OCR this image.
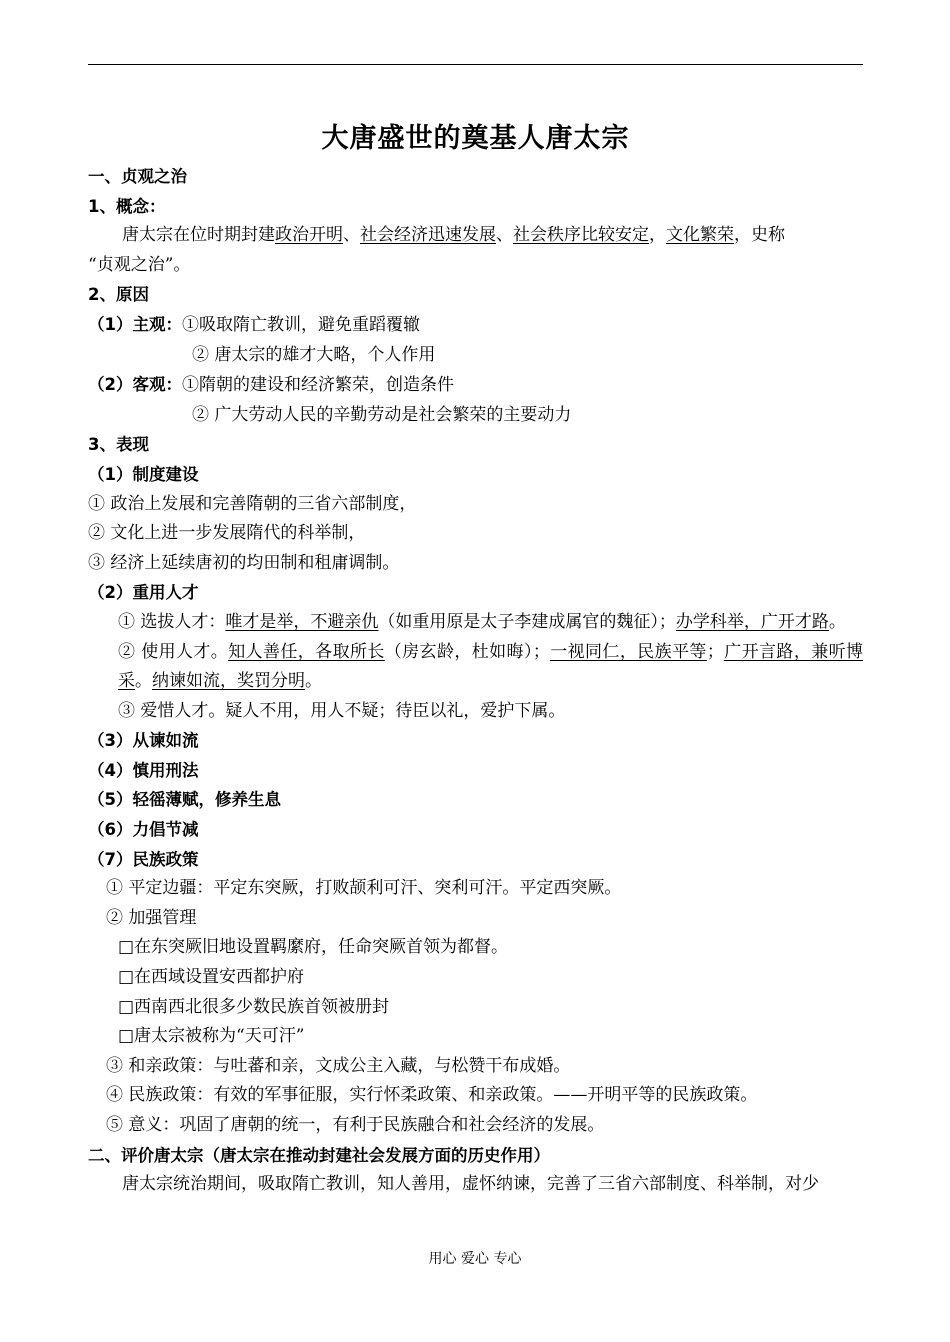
大唐盛世的奠基人唐太宗
一、贞观之治
1、概念：
唐太宗在位时期封建政治开明、社会经济迅速发展、社会秩序比较安定，文化繁荣，史称
“贞观之治”。
2、原因
（1）主观：①吸取隋亡教训，避免重蹈覆辙
② 唐太宗的雄才大略，个人作用
（2）客观：①隋朝的建设和经济繁荣，创造条件
② 广大劳动人民的辛勤劳动是社会繁荣的主要动力
3、表现
（1）制度建设
① 政治上发展和完善隋朝的三省六部制度，
② 文化上进一步发展隋代的科举制，
③ 经济上延续唐初的均田制和租庸调制。
（2）重用人才
① 选拔人才：唯才是举，不避亲仇（如重用原是太子李建成属官的魏征）；办学科举，广开才路。
② 使用人才。知人善任，各取所长（房玄龄，杜如晦）；一视同仁，民族平等；广开言路，兼听博采。纳谏如流，奖罚分明。
③ 爱惜人才。疑人不用，用人不疑；待臣以礼，爱护下属。
（3）从谏如流
（4）慎用刑法
（5）轻徭薄赋，修养生息
（6）力倡节减
（7）民族政策
① 平定边疆：平定东突厥，打败颉利可汗、突利可汗。平定西突厥。
② 加强管理
□在东突厥旧地设置羁縻府，任命突厥首领为都督。
□在西域设置安西都护府
□西南西北很多少数民族首领被册封
□唐太宗被称为“天可汗”
③ 和亲政策：与吐蕃和亲，文成公主入藏，与松赞干布成婚。
④ 民族政策：有效的军事征服，实行怀柔政策、和亲政策。——开明平等的民族政策。
⑤ 意义：巩固了唐朝的统一，有利于民族融合和社会经济的发展。
二、评价唐太宗（唐太宗在推动封建社会发展方面的历史作用）
唐太宗统治期间，吸取隋亡教训，知人善用，虚怀纳谏，完善了三省六部制度、科举制，对少
用心 爱心 专心
